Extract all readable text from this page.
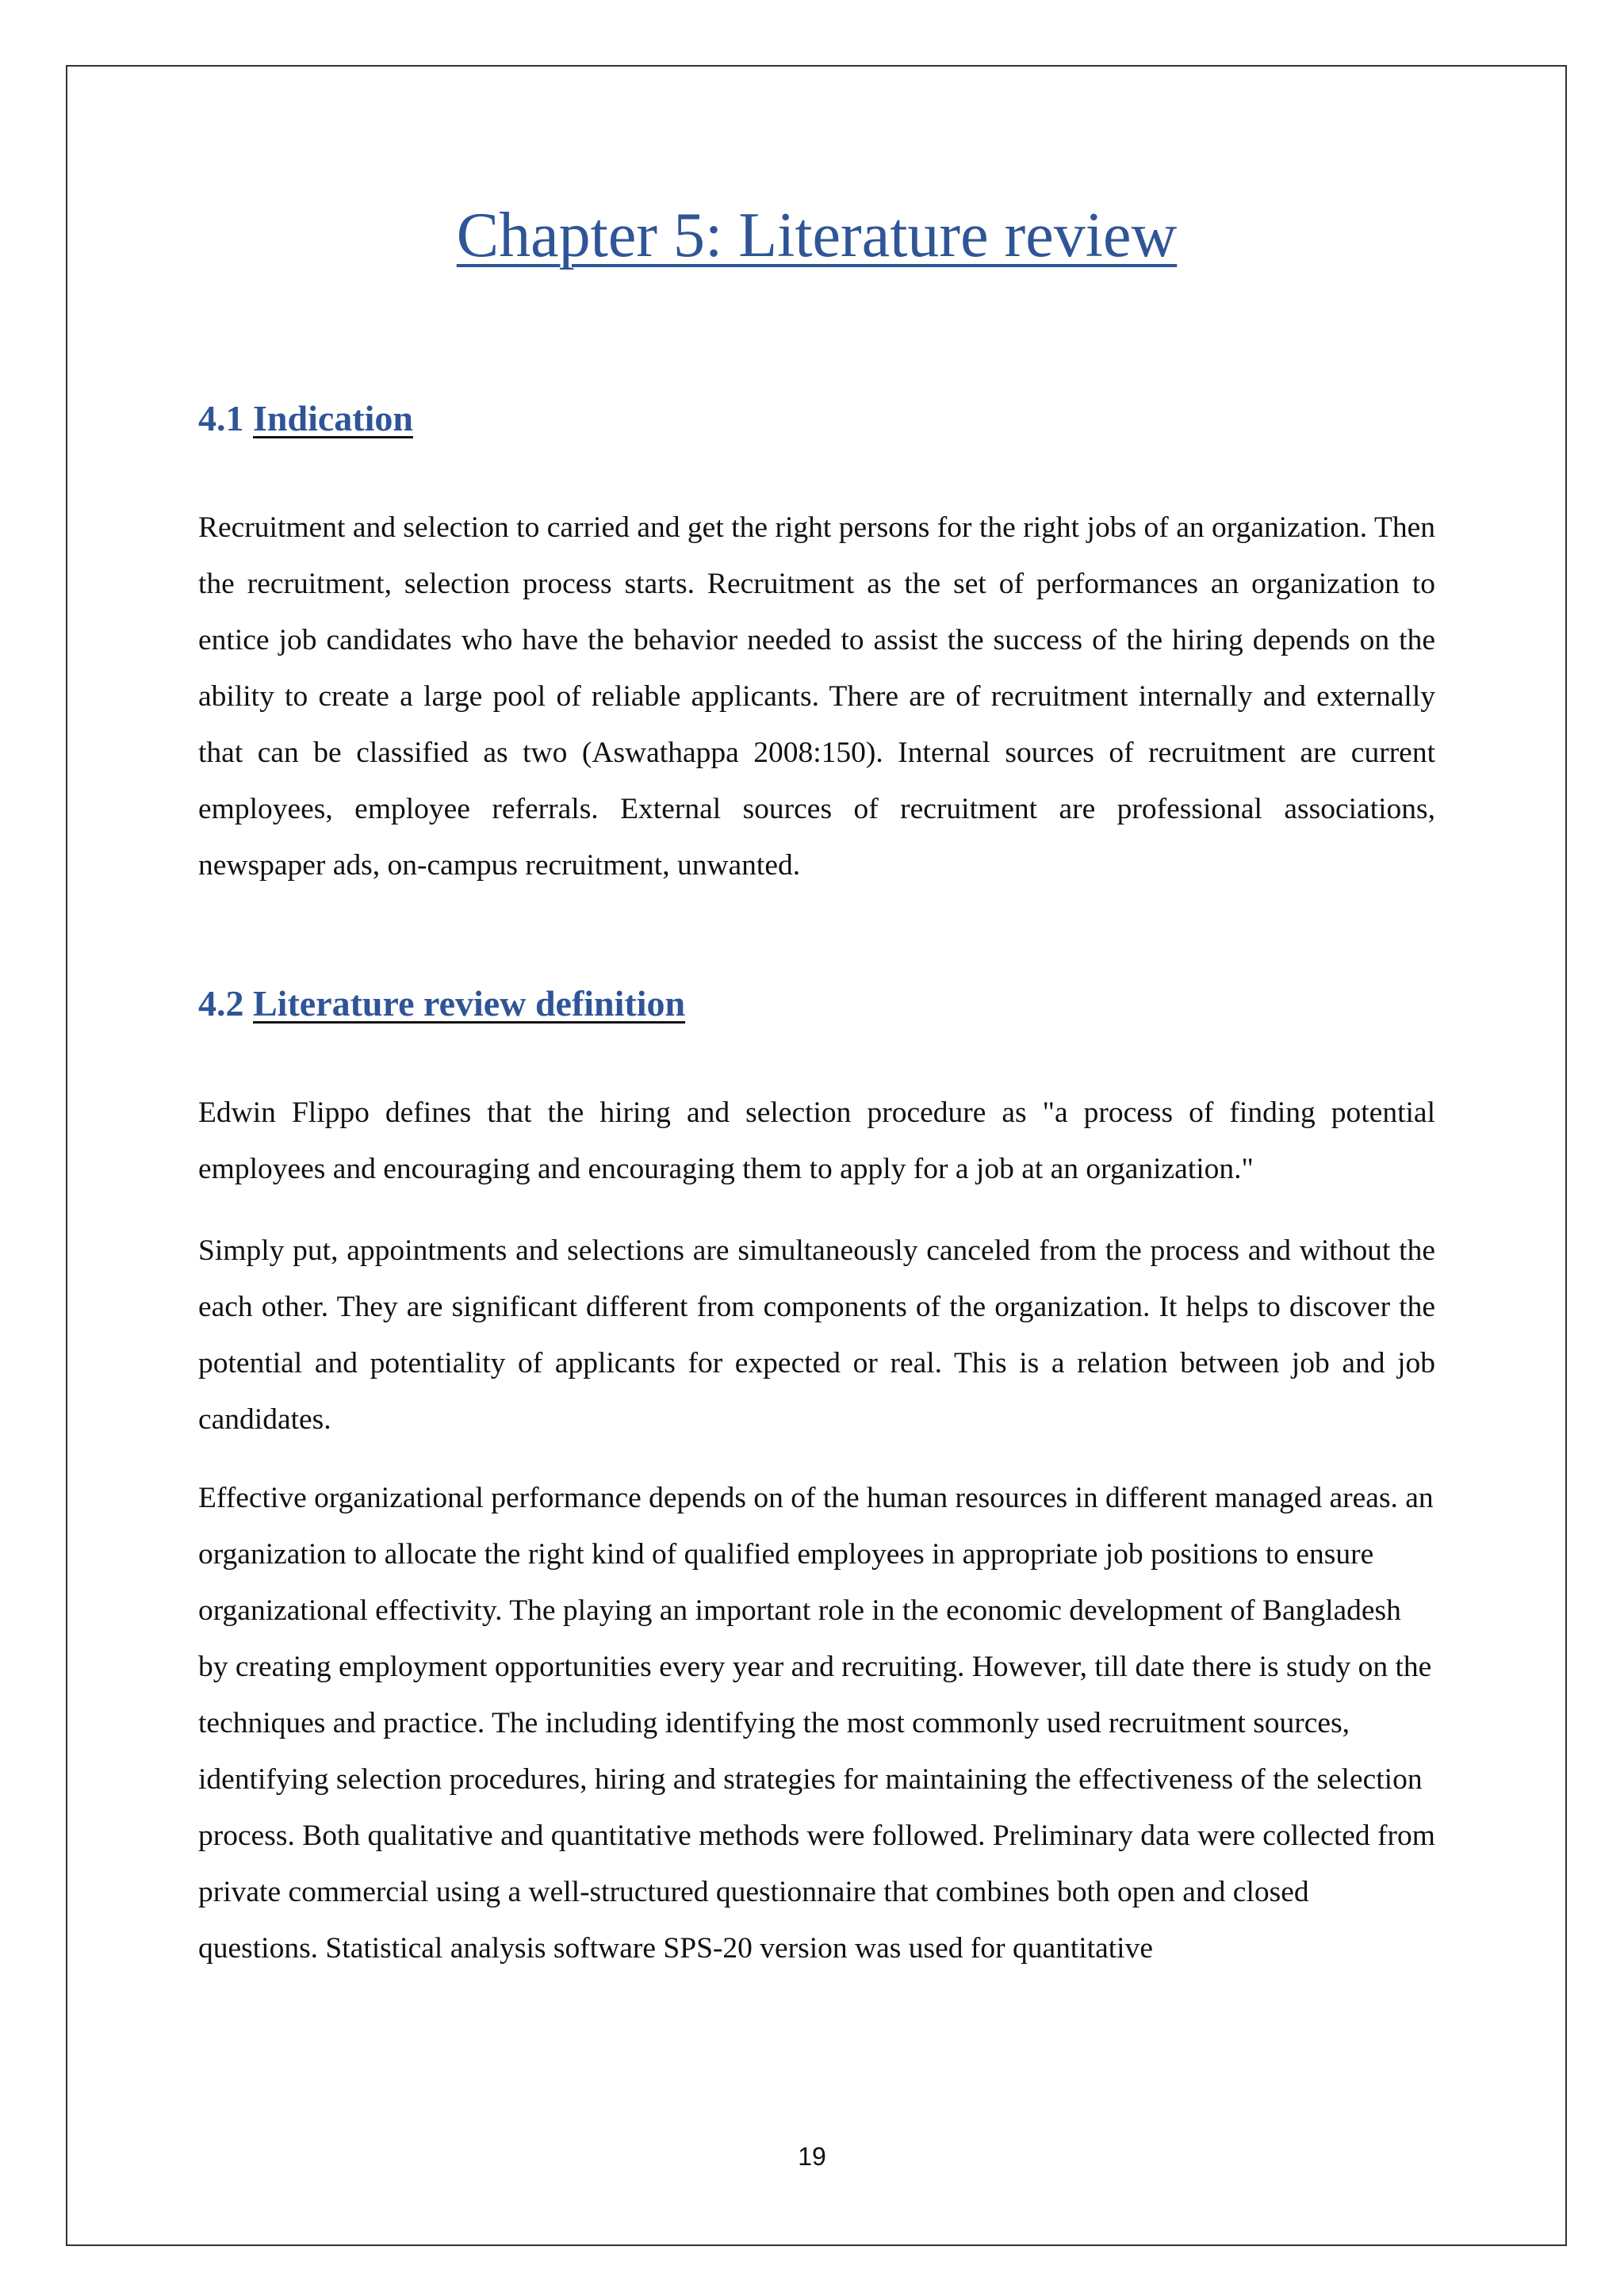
Chapter 5: Literature review
4.1 Indication

Recruitment and selection to carried and get the right persons for the right jobs of an organization. Then the recruitment, selection process starts. Recruitment as the set of performances an organization to entice job candidates who have the behavior needed to assist the success of the hiring depends on the ability to create a large pool of reliable applicants. There are of recruitment internally and externally that can be classified as two (Aswathappa 2008:150). Internal sources of recruitment are current employees, employee referrals. External sources of recruitment are professional associations, newspaper ads, on-campus recruitment, unwanted.

4.2 Literature review definition

Edwin Flippo defines that the hiring and selection procedure as "a process of finding potential employees and encouraging and encouraging them to apply for a job at an organization."

Simply put, appointments and selections are simultaneously canceled from the process and without the each other. They are significant different from components of the organization. It helps to discover the potential and potentiality of applicants for expected or real. This is a relation between job and job candidates.

Effective organizational performance depends on of the human resources in different managed areas. an organization to allocate the right kind of qualified employees in appropriate job positions to ensure organizational effectivity. The playing an important role in the economic development of Bangladesh by creating employment opportunities every year and recruiting. However, till date there is study on the techniques and practice. The including identifying the most commonly used recruitment sources, identifying selection procedures, hiring and strategies for maintaining the effectiveness of the selection process. Both qualitative and quantitative methods were followed. Preliminary data were collected from private commercial using a well-structured questionnaire that combines both open and closed questions. Statistical analysis software SPS-20 version was used for quantitative

19
